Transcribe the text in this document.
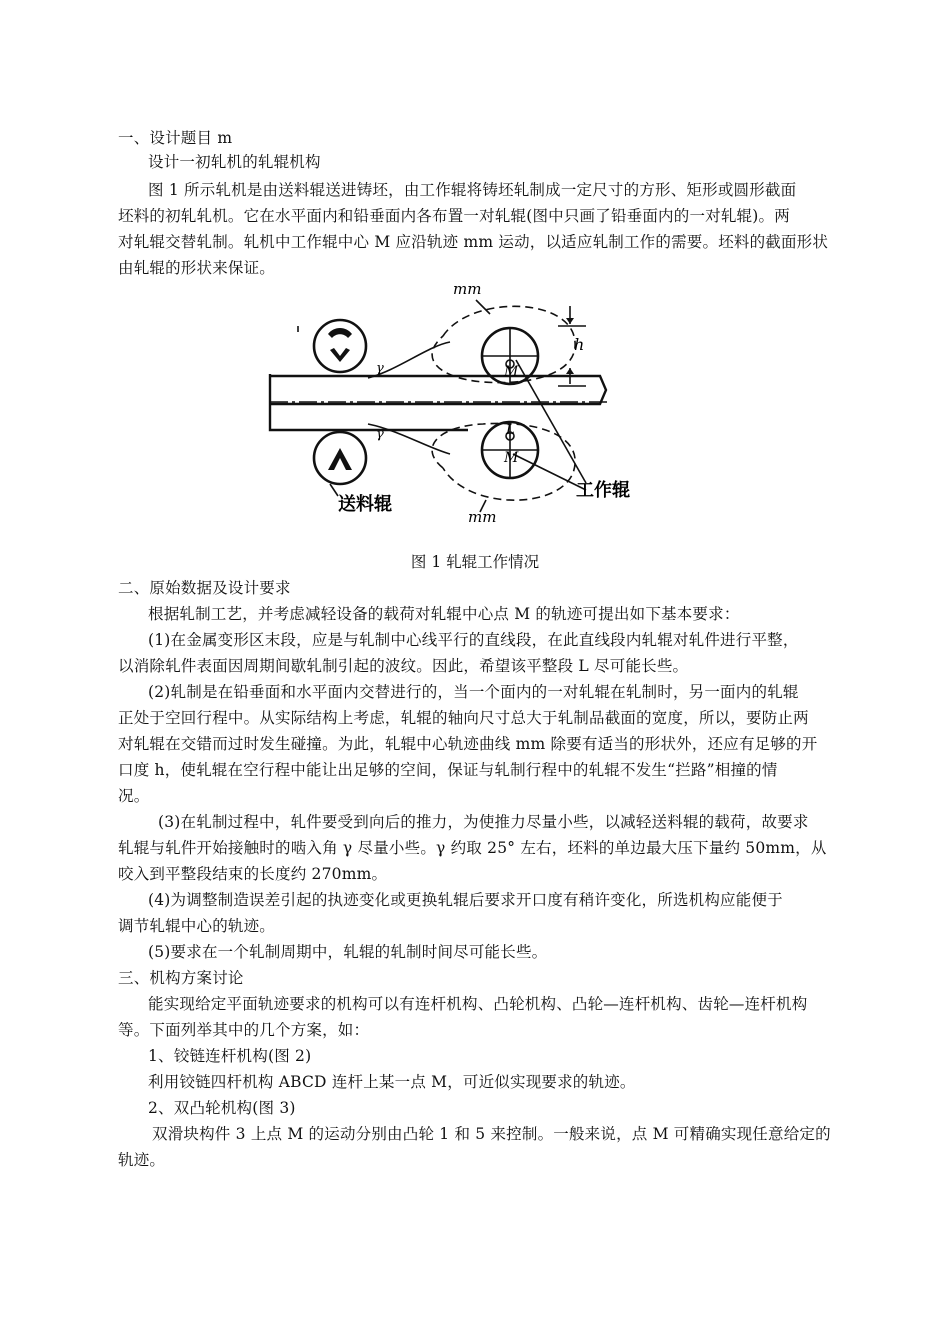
一、设计题目 m
设计一初轧机的轧辊机构
图 1 所示轧机是由送料辊送进铸坯，由工作辊将铸坯轧制成一定尺寸的方形、矩形或圆形截面
坯料的初轧轧机。它在水平面内和铅垂面内各布置一对轧辊(图中只画了铅垂面内的一对轧辊)。两
对轧辊交替轧制。轧机中工作辊中心 M 应沿轨迹 mm 运动，以适应轧制工作的需要。坯料的截面形状
由轧辊的形状来保证。
mm
mm
h
γ
γ
M
M
L
送料辊
工作辊
图 1 轧辊工作情况
二、原始数据及设计要求
根据轧制工艺，并考虑减轻设备的载荷对轧辊中心点 M 的轨迹可提出如下基本要求：
(1)在金属变形区末段，应是与轧制中心线平行的直线段，在此直线段内轧辊对轧件进行平整，
以消除轧件表面因周期间歇轧制引起的波纹。因此，希望该平整段 L 尽可能长些。
(2)轧制是在铅垂面和水平面内交替进行的，当一个面内的一对轧辊在轧制时，另一面内的轧辊
正处于空回行程中。从实际结构上考虑，轧辊的轴向尺寸总大于轧制品截面的宽度，所以，要防止两
对轧辊在交错而过时发生碰撞。为此，轧辊中心轨迹曲线 mm 除要有适当的形状外，还应有足够的开
口度 h，使轧辊在空行程中能让出足够的空间，保证与轧制行程中的轧辊不发生“拦路”相撞的情
况。
(3)在轧制过程中，轧件要受到向后的推力，为使推力尽量小些，以减轻送料辊的载荷，故要求
轧辊与轧件开始接触时的啮入角 γ 尽量小些。γ 约取 25° 左右，坯料的单边最大压下量约 50mm，从
咬入到平整段结束的长度约 270mm。
(4)为调整制造误差引起的执迹变化或更换轧辊后要求开口度有稍许变化，所选机构应能便于
调节轧辊中心的轨迹。
(5)要求在一个轧制周期中，轧辊的轧制时间尽可能长些。
三、机构方案讨论
能实现给定平面轨迹要求的机构可以有连杆机构、凸轮机构、凸轮—连杆机构、齿轮—连杆机构
等。下面列举其中的几个方案，如：
1、铰链连杆机构(图 2)
利用铰链四杆机构 ABCD 连杆上某一点 M，可近似实现要求的轨迹。
2、双凸轮机构(图 3)
双滑块构件 3 上点 M 的运动分别由凸轮 1 和 5 来控制。一般来说，点 M 可精确实现任意给定的
轨迹。
